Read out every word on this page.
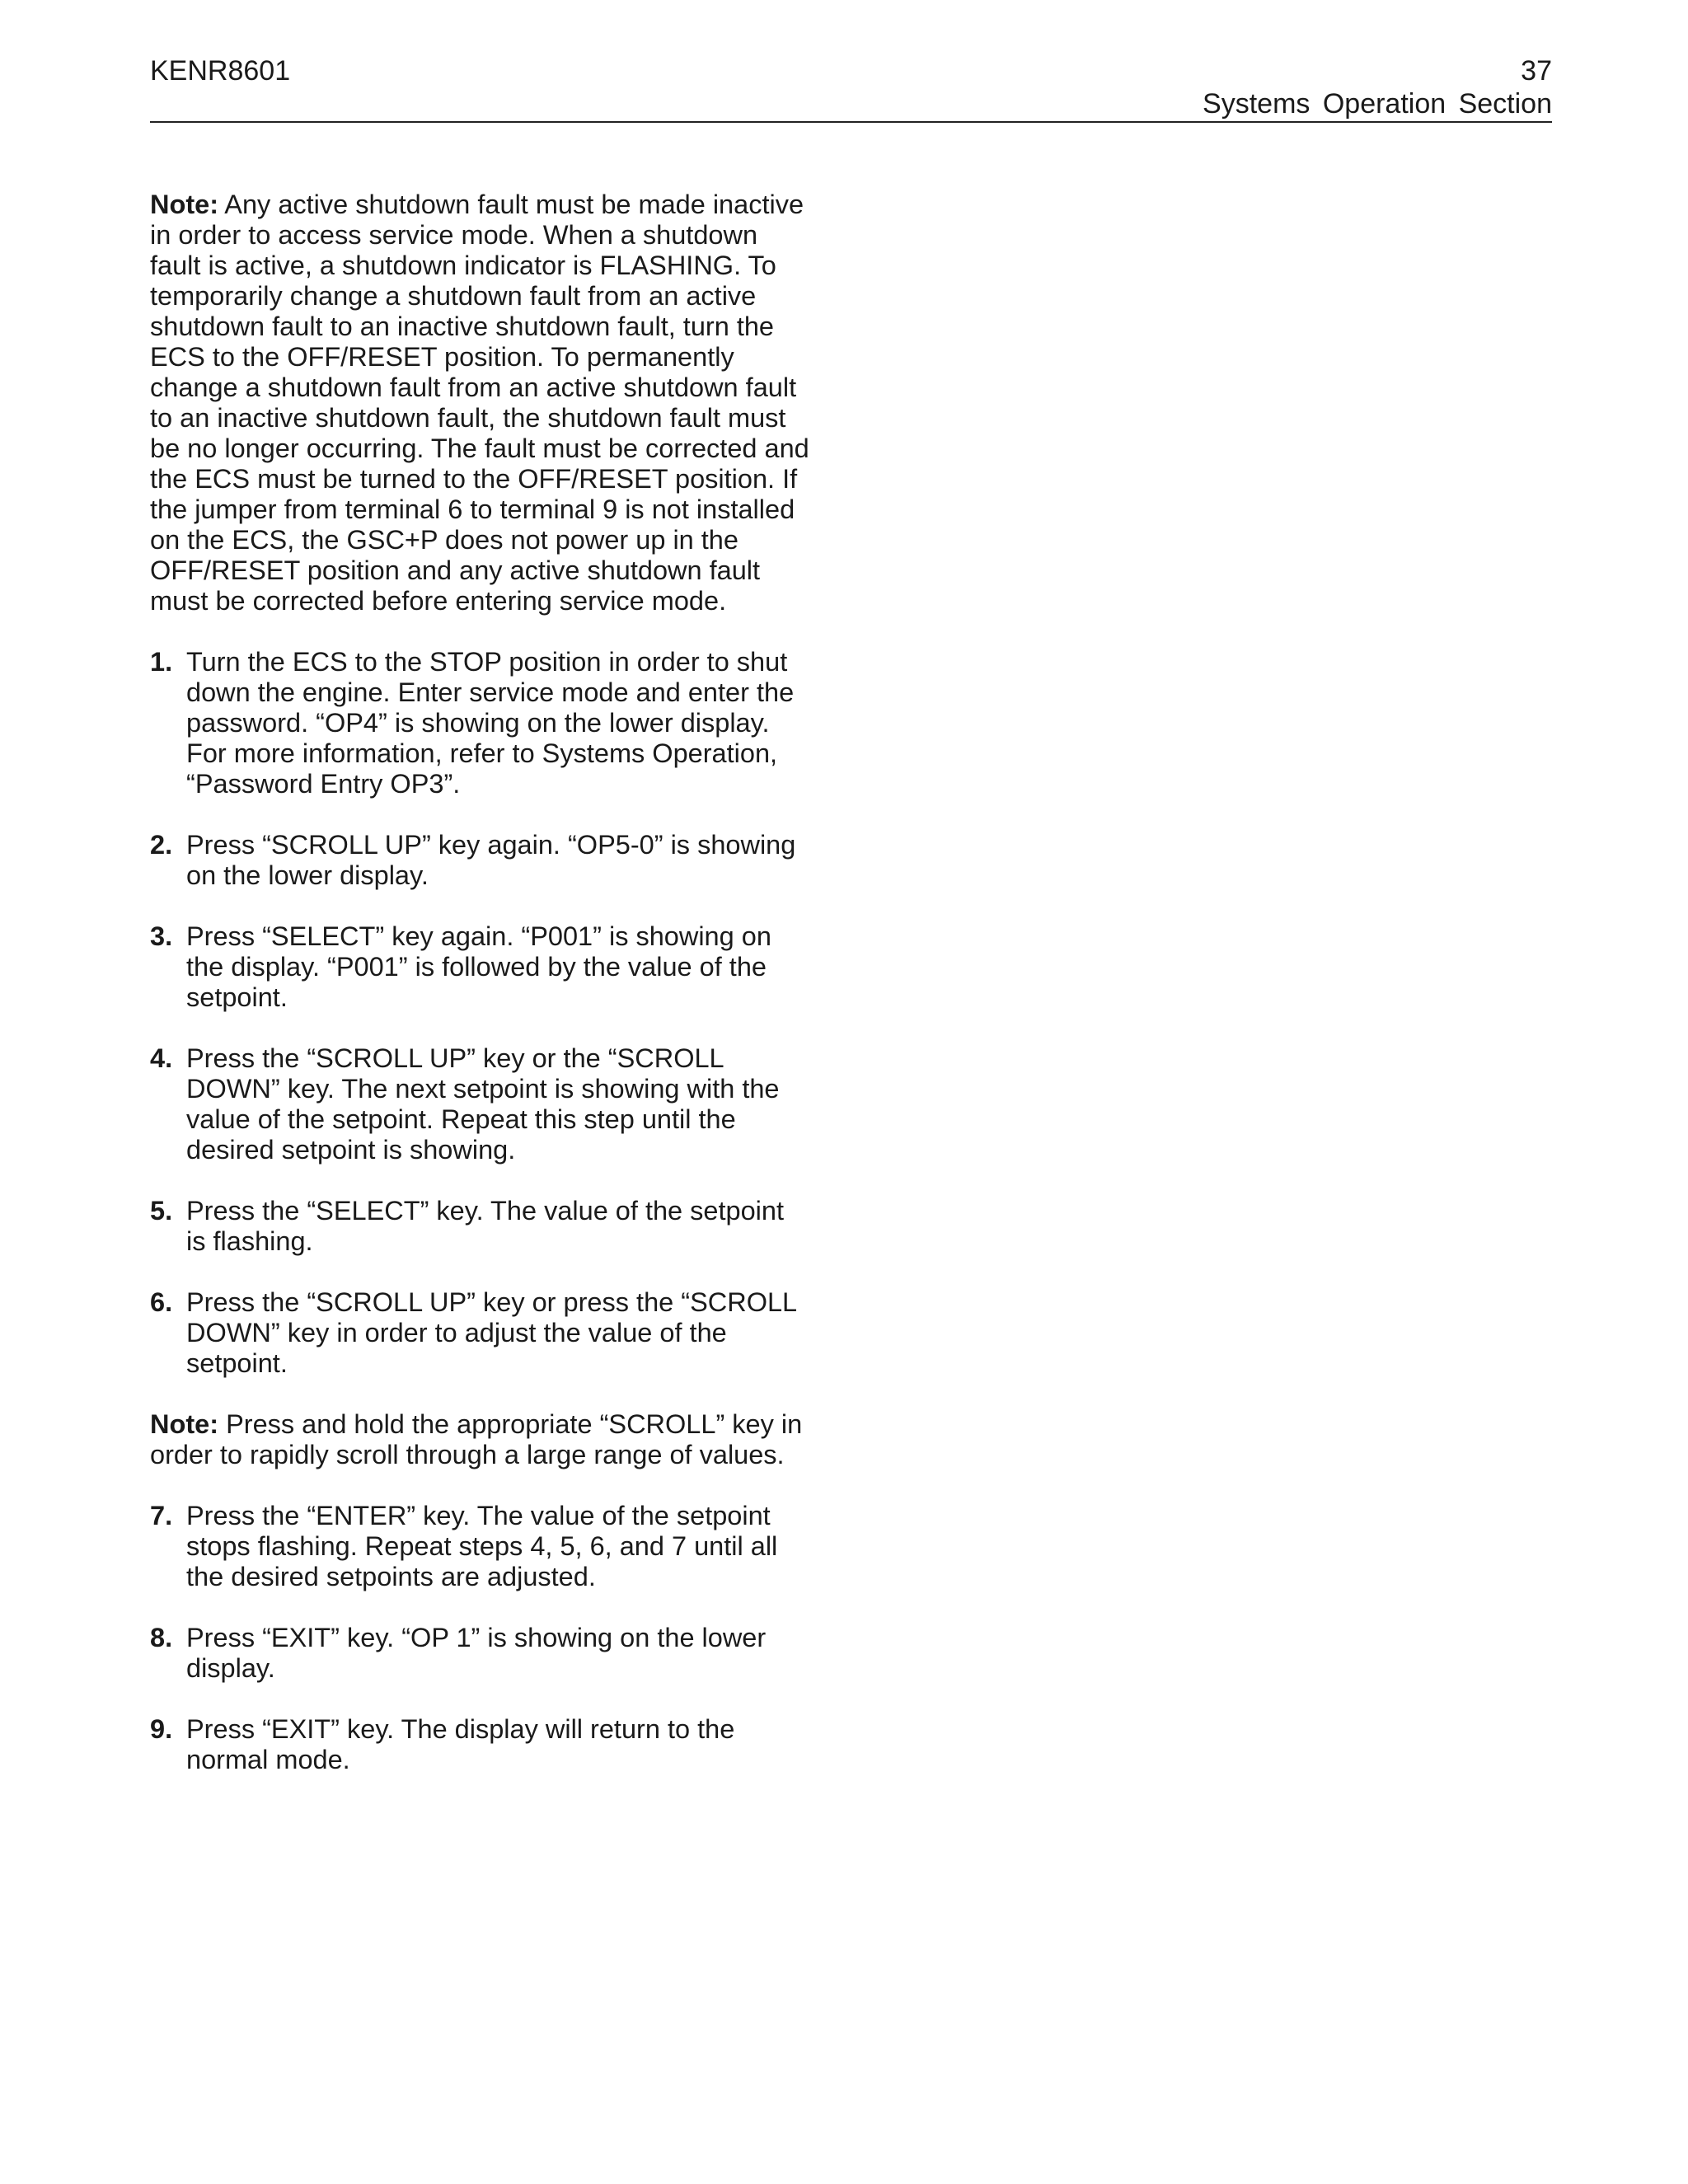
KENR8601	37
Systems Operation Section

Note: Any active shutdown fault must be made inactive in order to access service mode. When a shutdown fault is active, a shutdown indicator is FLASHING. To temporarily change a shutdown fault from an active shutdown fault to an inactive shutdown fault, turn the ECS to the OFF/RESET position. To permanently change a shutdown fault from an active shutdown fault to an inactive shutdown fault, the shutdown fault must be no longer occurring. The fault must be corrected and the ECS must be turned to the OFF/RESET position. If the jumper from terminal 6 to terminal 9 is not installed on the ECS, the GSC+P does not power up in the OFF/RESET position and any active shutdown fault must be corrected before entering service mode.

1. Turn the ECS to the STOP position in order to shut down the engine. Enter service mode and enter the password. “OP4” is showing on the lower display. For more information, refer to Systems Operation, “Password Entry OP3”.
2. Press “SCROLL UP” key again. “OP5-0” is showing on the lower display.
3. Press “SELECT” key again. “P001” is showing on the display. “P001” is followed by the value of the setpoint.
4. Press the “SCROLL UP” key or the “SCROLL DOWN” key. The next setpoint is showing with the value of the setpoint. Repeat this step until the desired setpoint is showing.
5. Press the “SELECT” key. The value of the setpoint is flashing.
6. Press the “SCROLL UP” key or press the “SCROLL DOWN” key in order to adjust the value of the setpoint.

Note: Press and hold the appropriate “SCROLL” key in order to rapidly scroll through a large range of values.

7. Press the “ENTER” key. The value of the setpoint stops flashing. Repeat steps 4, 5, 6, and 7 until all the desired setpoints are adjusted.
8. Press “EXIT” key. “OP 1” is showing on the lower display.
9. Press “EXIT” key. The display will return to the normal mode.
